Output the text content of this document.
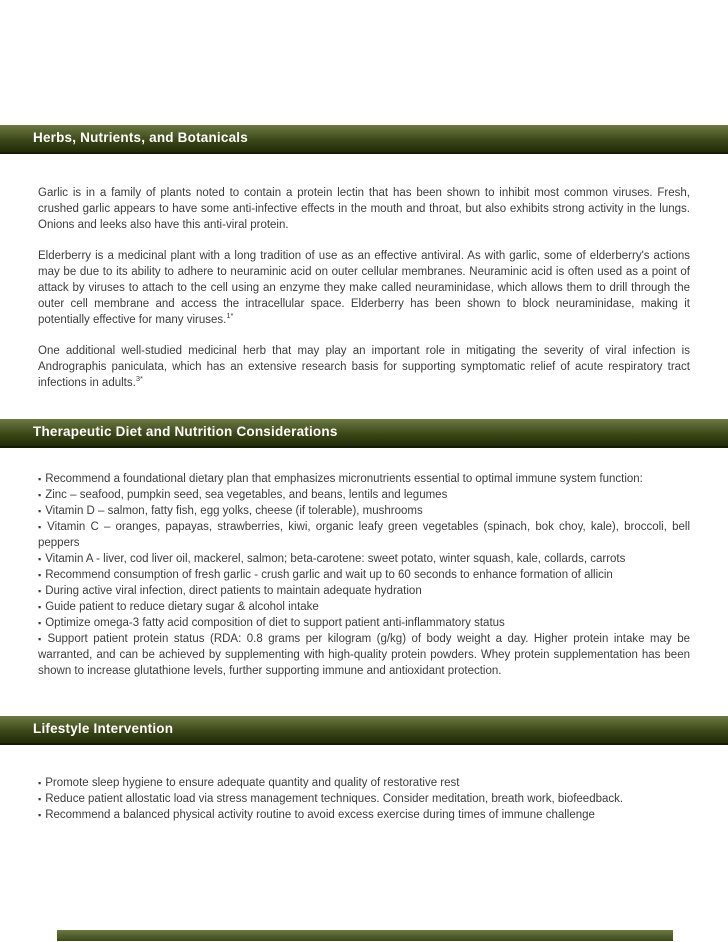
Herbs, Nutrients, and Botanicals

Garlic is in a family of plants noted to contain a protein lectin that has been shown to inhibit most common viruses. Fresh, crushed garlic appears to have some anti-infective effects in the mouth and throat, but also exhibits strong activity in the lungs. Onions and leeks also have this anti-viral protein.

Elderberry is a medicinal plant with a long tradition of use as an effective antiviral. As with garlic, some of elderberry's actions may be due to its ability to adhere to neuraminic acid on outer cellular membranes. Neuraminic acid is often used as a point of attack by viruses to attach to the cell using an enzyme they make called neuraminidase, which allows them to drill through the outer cell membrane and access the intracellular space. Elderberry has been shown to block neuraminidase, making it potentially effective for many viruses.$^{1*}$

One additional well-studied medicinal herb that may play an important role in mitigating the severity of viral infection is Andrographis paniculata, which has an extensive research basis for supporting symptomatic relief of acute respiratory tract infections in adults.$^{3*}$

Therapeutic Diet and Nutrition Considerations
▪ Recommend a foundational dietary plan that emphasizes micronutrients essential to optimal immune system function:
▪ Zinc – seafood, pumpkin seed, sea vegetables, and beans, lentils and legumes
▪ Vitamin D – salmon, fatty fish, egg yolks, cheese (if tolerable), mushrooms
▪ Vitamin C – oranges, papayas, strawberries, kiwi, organic leafy green vegetables (spinach, bok choy, kale), broccoli, bell peppers
▪ Vitamin A - liver, cod liver oil, mackerel, salmon; beta-carotene: sweet potato, winter squash, kale, collards, carrots
▪ Recommend consumption of fresh garlic - crush garlic and wait up to 60 seconds to enhance formation of allicin
▪ During active viral infection, direct patients to maintain adequate hydration
▪ Guide patient to reduce dietary sugar & alcohol intake
▪ Optimize omega-3 fatty acid composition of diet to support patient anti-inflammatory status
▪ Support patient protein status (RDA: 0.8 grams per kilogram (g/kg) of body weight a day. Higher protein intake may be warranted, and can be achieved by supplementing with high-quality protein powders. Whey protein supplementation has been shown to increase glutathione levels, further supporting immune and antioxidant protection.
Lifestyle Intervention
▪ Promote sleep hygiene to ensure adequate quantity and quality of restorative rest
▪ Reduce patient allostatic load via stress management techniques. Consider meditation, breath work, biofeedback.
▪ Recommend a balanced physical activity routine to avoid excess exercise during times of immune challenge
